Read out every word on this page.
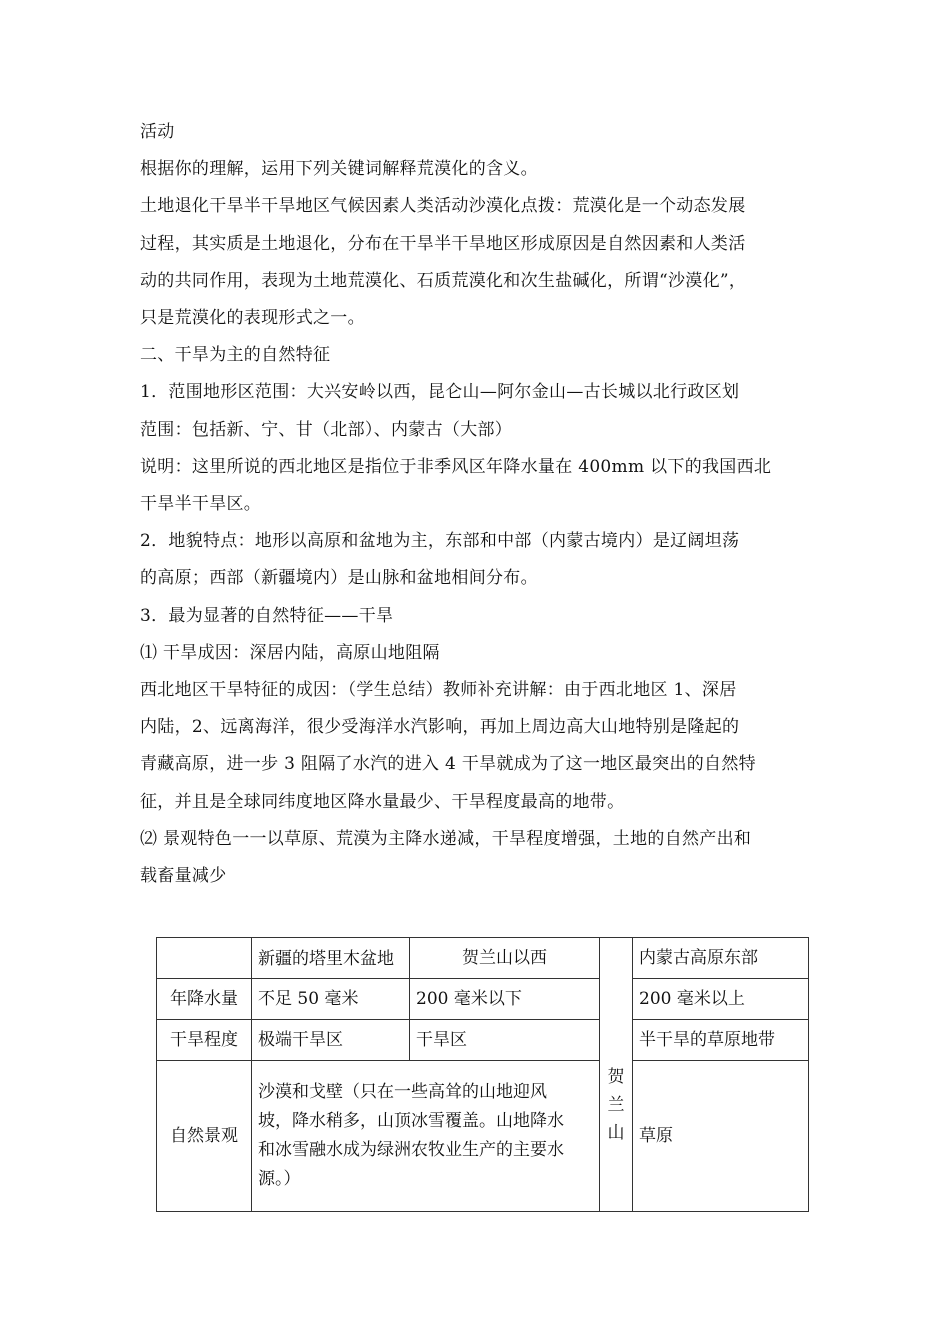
活动

根据你的理解，运用下列关键词解释荒漠化的含义。

土地退化干旱半干旱地区气候因素人类活动沙漠化点拨：荒漠化是一个动态发展

过程，其实质是土地退化，分布在干旱半干旱地区形成原因是自然因素和人类活

动的共同作用，表现为土地荒漠化、石质荒漠化和次生盐碱化，所谓“沙漠化”，

只是荒漠化的表现形式之一。

二、干旱为主的自然特征

1．范围地形区范围：大兴安岭以西，昆仑山—阿尔金山—古长城以北行政区划

范围：包括新、宁、甘（北部）、内蒙古（大部）

说明：这里所说的西北地区是指位于非季风区年降水量在 400mm 以下的我国西北

干旱半干旱区。

2．地貌特点：地形以高原和盆地为主，东部和中部（内蒙古境内）是辽阔坦荡

的高原；西部（新疆境内）是山脉和盆地相间分布。

3．最为显著的自然特征——干旱

⑴ 干旱成因：深居内陆，高原山地阻隔

西北地区干旱特征的成因：（学生总结）教师补充讲解：由于西北地区 1、深居

内陆，2、远离海洋，很少受海洋水汽影响，再加上周边高大山地特别是隆起的

青藏高原，进一步 3 阻隔了水汽的进入 4 干旱就成为了这一地区最突出的自然特

征，并且是全球同纬度地区降水量最少、干旱程度最高的地带。

⑵ 景观特色一一以草原、荒漠为主降水递减，干旱程度增强，土地的自然产出和

载畜量减少

	新疆的塔里木盆地	贺兰山以西	贺兰山	内蒙古高原东部
年降水量	不足 50 毫米	200 毫米以下		200 毫米以上
干旱程度	极端干旱区	干旱区		半干旱的草原地带
自然景观	沙漠和戈壁（只在一些高耸的山地迎风坡，降水稍多，山顶冰雪覆盖。山地降水和冰雪融水成为绿洲农牧业生产的主要水源。）			草原
